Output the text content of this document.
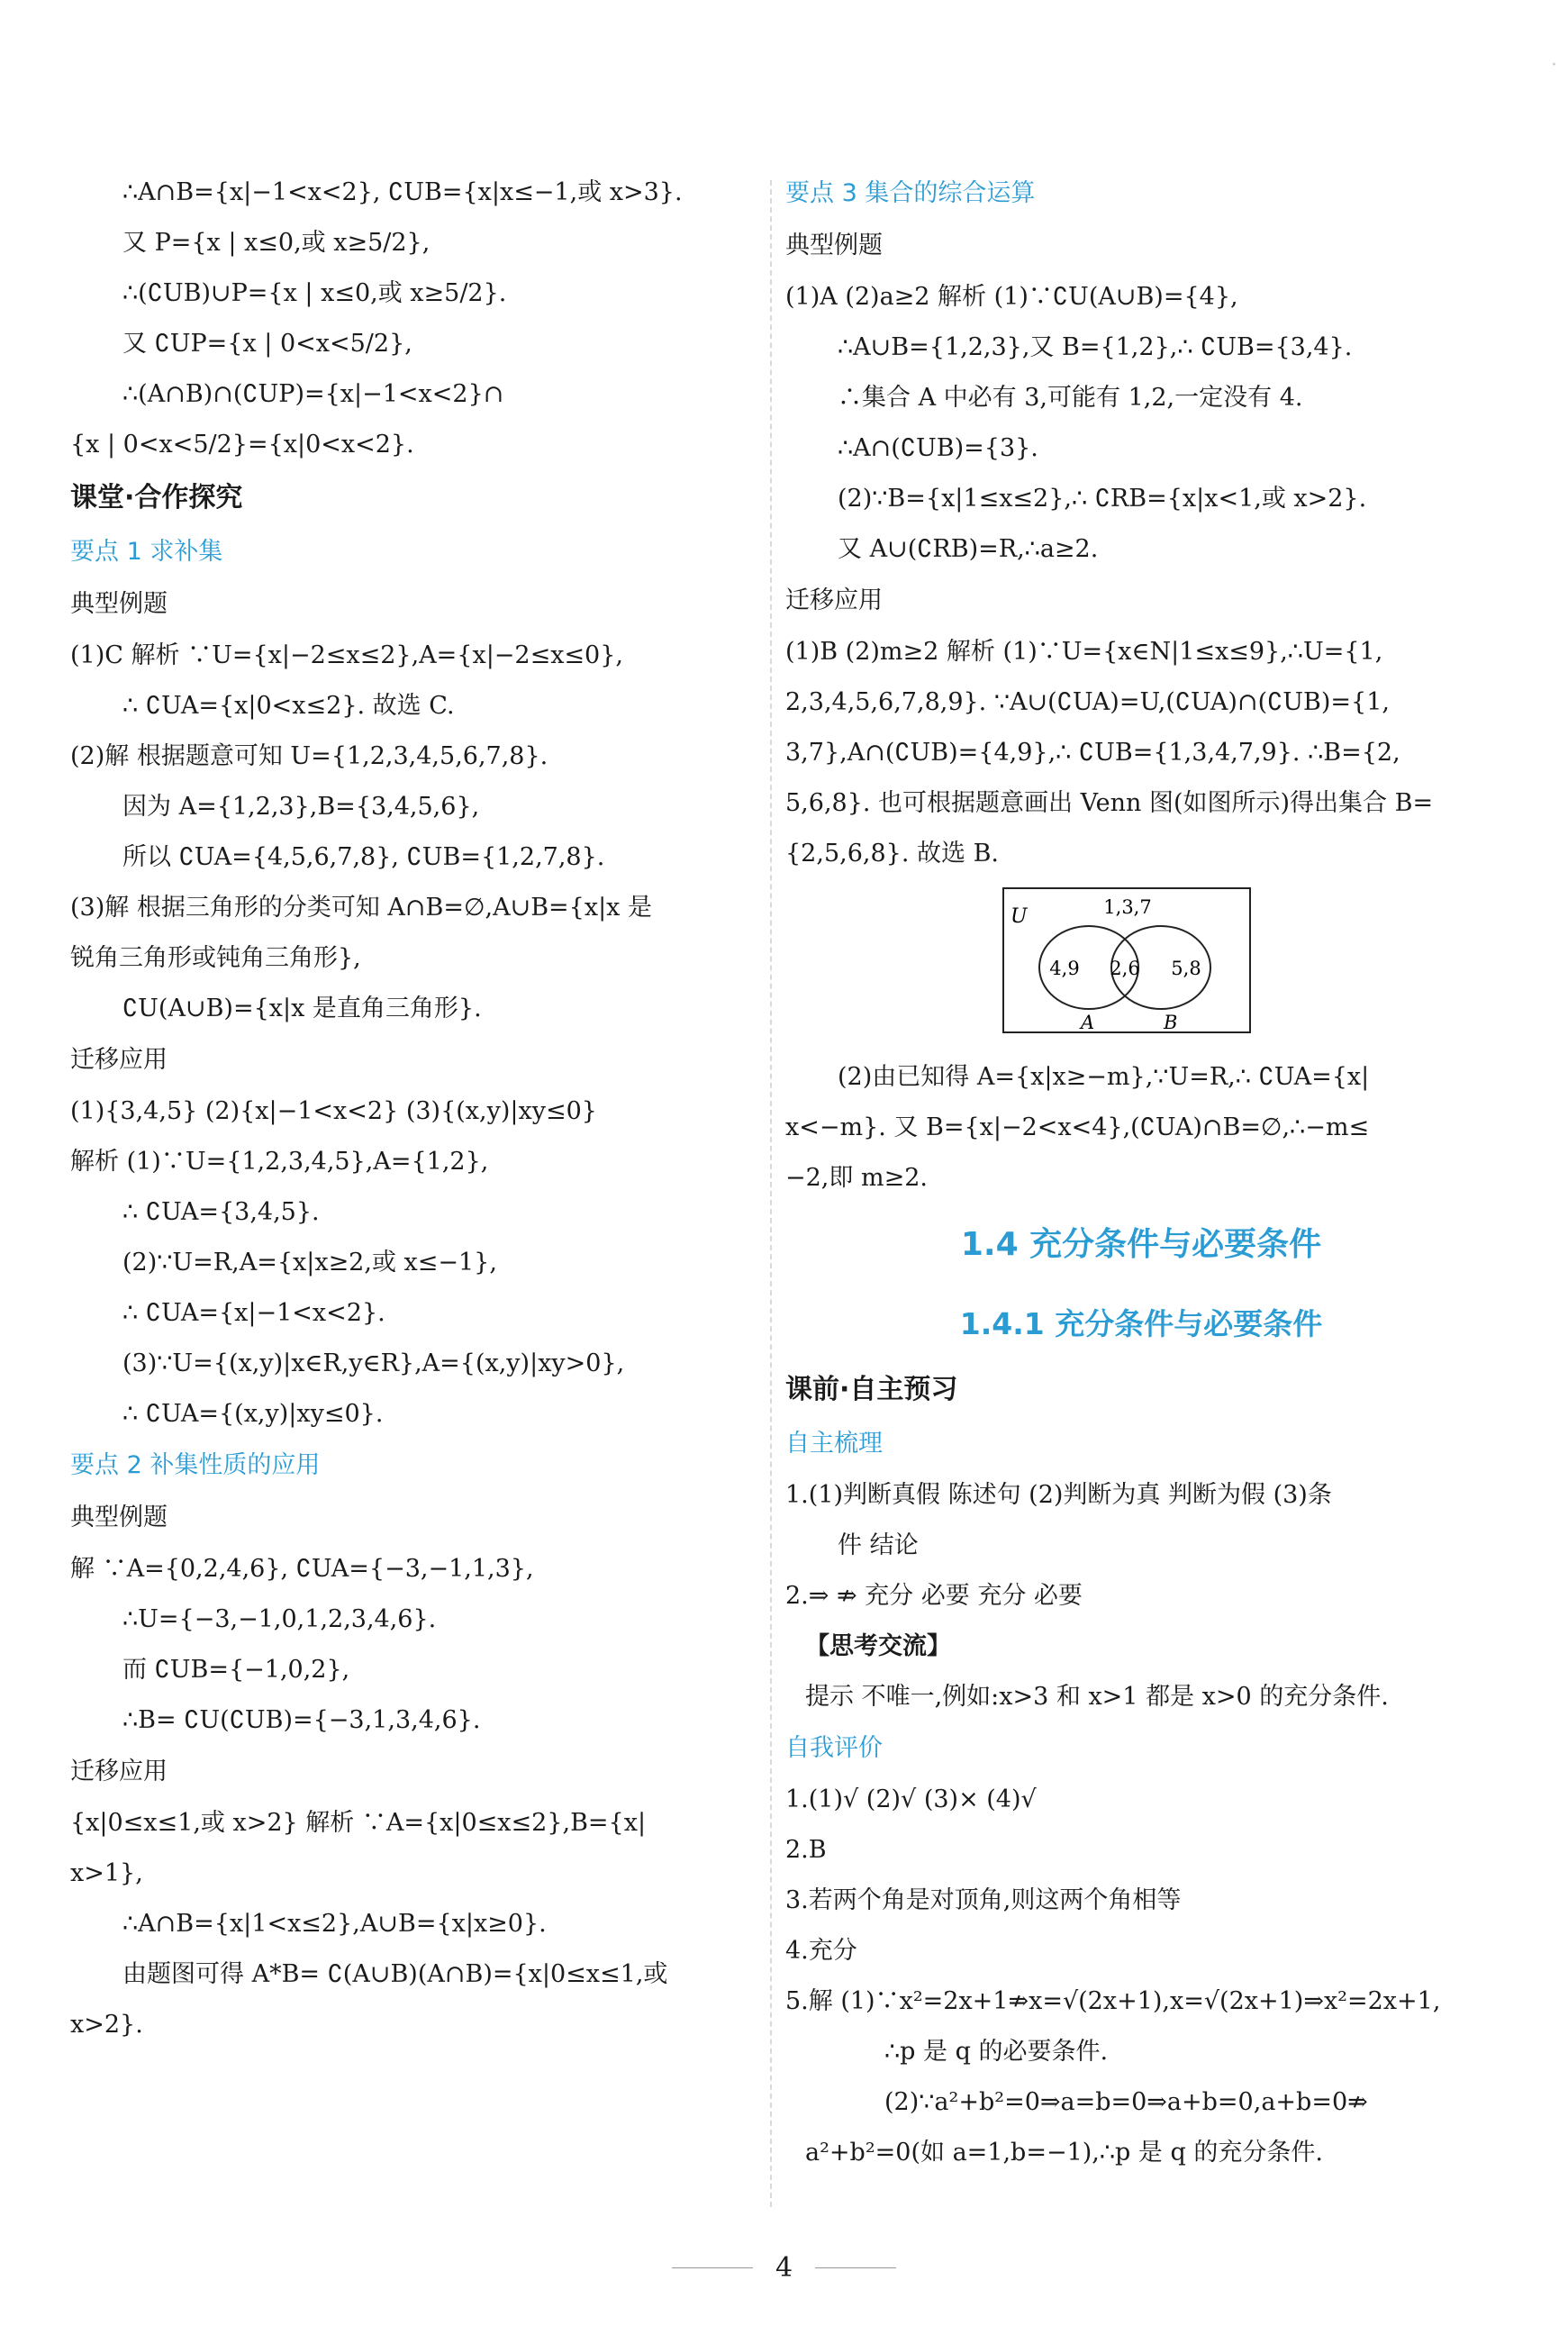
·
∴A∩B={x|−1<x<2}, ∁UB={x|x≤−1,或 x>3}.
又 P={x | x≤0,或 x≥5/2},
∴(∁UB)∪P={x | x≤0,或 x≥5/2}.
又 ∁UP={x | 0<x<5/2},
∴(A∩B)∩(∁UP)={x|−1<x<2}∩
{x | 0<x<5/2}={x|0<x<2}.
课堂·合作探究
要点 1 求补集
典型例题
(1)C 解析 ∵U={x|−2≤x≤2},A={x|−2≤x≤0},
∴ ∁UA={x|0<x≤2}. 故选 C.
(2)解 根据题意可知 U={1,2,3,4,5,6,7,8}.
因为 A={1,2,3},B={3,4,5,6},
所以 ∁UA={4,5,6,7,8}, ∁UB={1,2,7,8}.
(3)解 根据三角形的分类可知 A∩B=∅,A∪B={x|x 是
锐角三角形或钝角三角形},
∁U(A∪B)={x|x 是直角三角形}.
迁移应用
(1){3,4,5} (2){x|−1<x<2} (3){(x,y)|xy≤0}
解析 (1)∵U={1,2,3,4,5},A={1,2},
∴ ∁UA={3,4,5}.
(2)∵U=R,A={x|x≥2,或 x≤−1},
∴ ∁UA={x|−1<x<2}.
(3)∵U={(x,y)|x∈R,y∈R},A={(x,y)|xy>0},
∴ ∁UA={(x,y)|xy≤0}.
要点 2 补集性质的应用
典型例题
解 ∵A={0,2,4,6}, ∁UA={−3,−1,1,3},
∴U={−3,−1,0,1,2,3,4,6}.
而 ∁UB={−1,0,2},
∴B= ∁U(∁UB)={−3,1,3,4,6}.
迁移应用
{x|0≤x≤1,或 x>2} 解析 ∵A={x|0≤x≤2},B={x|
x>1},
∴A∩B={x|1<x≤2},A∪B={x|x≥0}.
由题图可得 A*B= ∁(A∪B)(A∩B)={x|0≤x≤1,或
x>2}.
要点 3 集合的综合运算
典型例题
(1)A (2)a≥2 解析 (1)∵∁U(A∪B)={4},
∴A∪B={1,2,3},又 B={1,2},∴ ∁UB={3,4}.
∴集合 A 中必有 3,可能有 1,2,一定没有 4.
∴A∩(∁UB)={3}.
(2)∵B={x|1≤x≤2},∴ ∁RB={x|x<1,或 x>2}.
又 A∪(∁RB)=R,∴a≥2.
迁移应用
(1)B (2)m≥2 解析 (1)∵U={x∈N|1≤x≤9},∴U={1,
2,3,4,5,6,7,8,9}. ∵A∪(∁UA)=U,(∁UA)∩(∁UB)={1,
3,7},A∩(∁UB)={4,9},∴ ∁UB={1,3,4,7,9}. ∴B={2,
5,6,8}. 也可根据题意画出 Venn 图(如图所示)得出集合 B=
{2,5,6,8}. 故选 B.
U	1,3,7
4,9 2,6 5,8
A	B
(2)由已知得 A={x|x≥−m},∵U=R,∴ ∁UA={x|
x<−m}. 又 B={x|−2<x<4},(∁UA)∩B=∅,∴−m≤
−2,即 m≥2.
1.4 充分条件与必要条件
1.4.1 充分条件与必要条件
课前·自主预习
自主梳理
1.(1)判断真假 陈述句 (2)判断为真 判断为假 (3)条
件 结论
2.⇒ ⇏ 充分 必要 充分 必要
【思考交流】
提示 不唯一,例如:x>3 和 x>1 都是 x>0 的充分条件.
自我评价
1.(1)√ (2)√ (3)× (4)√
2.B
3.若两个角是对顶角,则这两个角相等
4.充分
5.解 (1)∵x²=2x+1⇏x=√(2x+1),x=√(2x+1)⇒x²=2x+1,
∴p 是 q 的必要条件.
(2)∵a²+b²=0⇒a=b=0⇒a+b=0,a+b=0⇏
a²+b²=0(如 a=1,b=−1),∴p 是 q 的充分条件.
4
